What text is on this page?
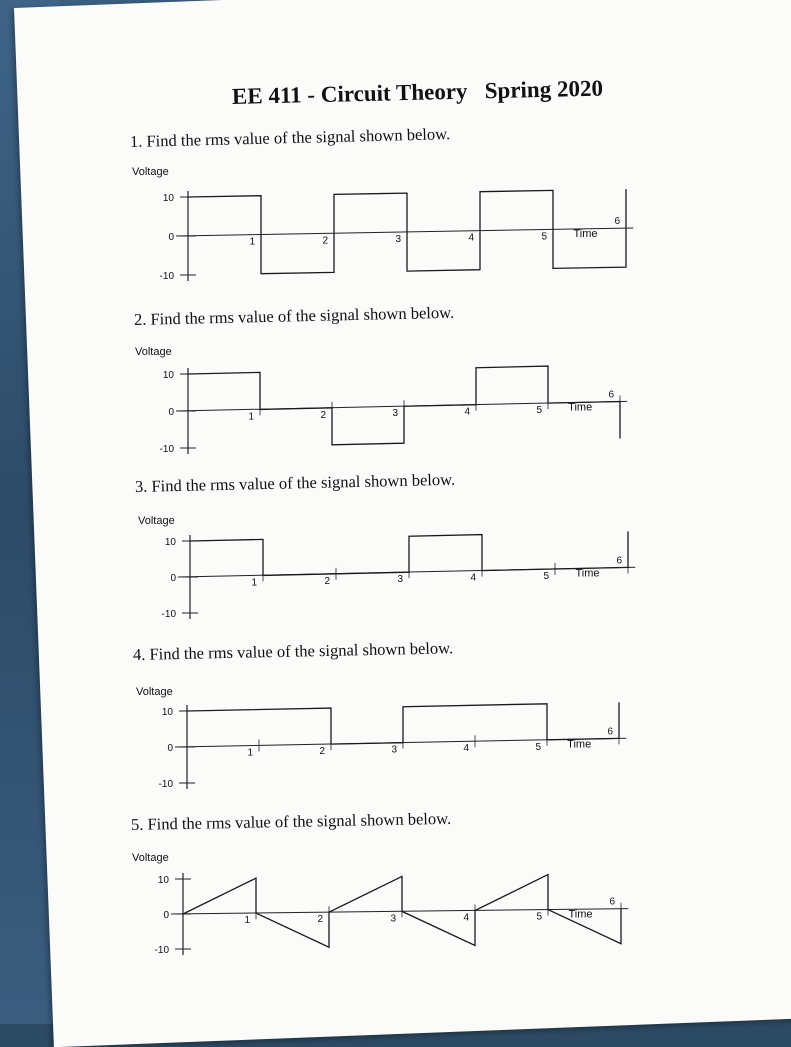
EE 411 - Circuit Theory   Spring 2020
1. Find the rms value of the signal shown below.
2. Find the rms value of the signal shown below.
3. Find the rms value of the signal shown below.
4. Find the rms value of the signal shown below.
5. Find the rms value of the signal shown below.
Voltage
10
0
-10
1	2	3	4	5
6
Time
Voltage
10
0
-10
1	2	3	4	5
6
Time
Voltage
10
0
-10
1	2	3	4	5
6
Time
Voltage
10
0
-10
1	2	3	4	5
6
Time
Voltage
10
0
-10
1	2	3	4	5
6
Time
